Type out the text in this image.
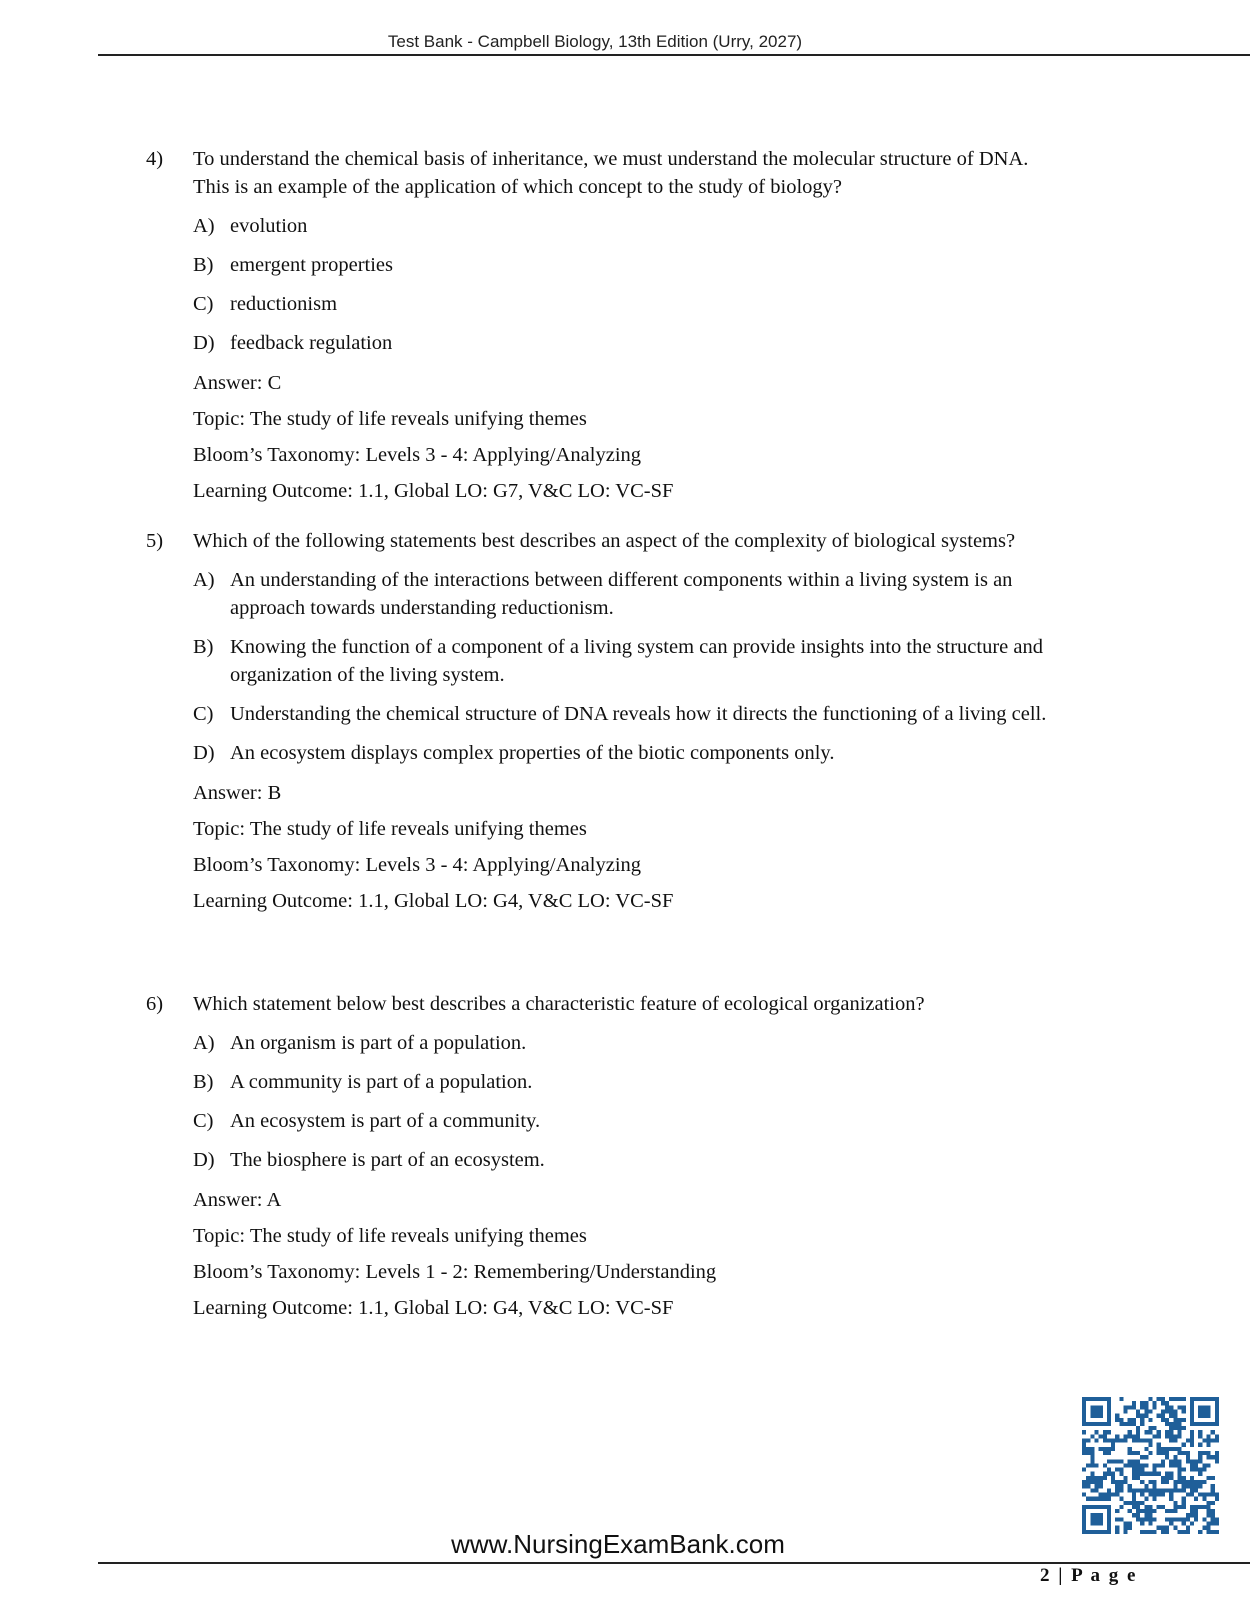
Test Bank - Campbell Biology, 13th Edition (Urry, 2027)
4) To understand the chemical basis of inheritance, we must understand the molecular structure of DNA. This is an example of the application of which concept to the study of biology?
A) evolution
B) emergent properties
C) reductionism
D) feedback regulation
Answer: C
Topic: The study of life reveals unifying themes
Bloom’s Taxonomy: Levels 3 - 4: Applying/Analyzing
Learning Outcome: 1.1, Global LO: G7, V&C LO: VC-SF
5) Which of the following statements best describes an aspect of the complexity of biological systems?
A) An understanding of the interactions between different components within a living system is an approach towards understanding reductionism.
B) Knowing the function of a component of a living system can provide insights into the structure and organization of the living system.
C) Understanding the chemical structure of DNA reveals how it directs the functioning of a living cell.
D) An ecosystem displays complex properties of the biotic components only.
Answer: B
Topic: The study of life reveals unifying themes
Bloom’s Taxonomy: Levels 3 - 4: Applying/Analyzing
Learning Outcome: 1.1, Global LO: G4, V&C LO: VC-SF
6) Which statement below best describes a characteristic feature of ecological organization?
A) An organism is part of a population.
B) A community is part of a population.
C) An ecosystem is part of a community.
D) The biosphere is part of an ecosystem.
Answer: A
Topic: The study of life reveals unifying themes
Bloom’s Taxonomy: Levels 1 - 2: Remembering/Understanding
Learning Outcome: 1.1, Global LO: G4, V&C LO: VC-SF
www.NursingExamBank.com
2 | P a g e
